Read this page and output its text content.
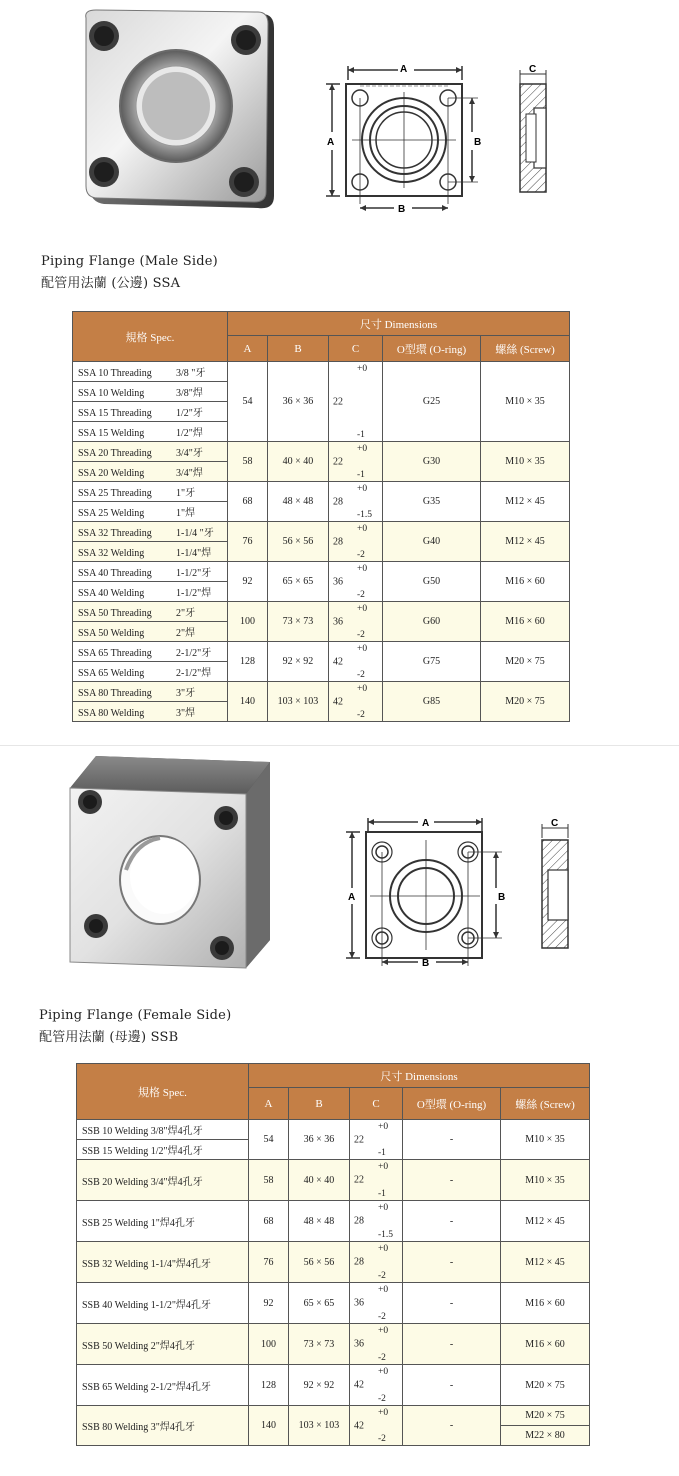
A
A	B
B
C
Piping Flange (Male Side)
配管用法蘭 (公邊) SSA
規格 Spec.	尺寸 Dimensions				
	A	B	C	O型環 (O-ring)	螺絲 (Screw)
SSA 10 Threading 3/8 "牙	54	36 × 36	22
+0
-1	G25	M10 × 35
SSA 10 Welding 3/8"焊					
SSA 15 Threading 1/2"牙					
SSA 15 Welding 1/2"焊					
SSA 20 Threading 3/4"牙	58	40 × 40	22
+0
-1	G30	M10 × 35
SSA 20 Welding 3/4"焊					
SSA 25 Threading 1"牙	68	48 × 48	28
+0
-1.5	G35	M12 × 45
SSA 25 Welding 1"焊					
SSA 32 Threading 1-1/4 "牙	76	56 × 56	28
+0
-2	G40	M12 × 45
SSA 32 Welding 1-1/4"焊					
SSA 40 Threading 1-1/2"牙	92	65 × 65	36
+0
-2	G50	M16 × 60
SSA 40 Welding 1-1/2"焊					
SSA 50 Threading 2"牙	100	73 × 73	36
+0
-2	G60	M16 × 60
SSA 50 Welding 2"焊					
SSA 65 Threading 2-1/2"牙	128	92 × 92	42
+0
-2	G75	M20 × 75
SSA 65 Welding 2-1/2"焊					
SSA 80 Threading 3"牙	140	103 × 103	42
+0
-2	G85	M20 × 75
SSA 80 Welding 3"焊					
A
A	B
B
C
Piping Flange (Female Side)
配管用法蘭 (母邊) SSB
規格 Spec.	尺寸 Dimensions				
	A	B	C	O型環 (O-ring)	螺絲 (Screw)
SSB 10 Welding 3/8"焊4孔牙	54	36 × 36	22
+0
-1	-	M10 × 35
SSB 15 Welding 1/2"焊4孔牙					
SSB 20 Welding 3/4"焊4孔牙	58	40 × 40	22
+0
-1	-	M10 × 35
SSB 25 Welding 1"焊4孔牙	68	48 × 48	28
+0
-1.5	-	M12 × 45
SSB 32 Welding 1-1/4"焊4孔牙	76	56 × 56	28
+0
-2	-	M12 × 45
SSB 40 Welding 1-1/2"焊4孔牙	92	65 × 65	36
+0
-2	-	M16 × 60
SSB 50 Welding 2"焊4孔牙	100	73 × 73	36
+0
-2	-	M16 × 60
SSB 65 Welding 2-1/2"焊4孔牙	128	92 × 92	42
+0
-2	-	M20 × 75
SSB 80 Welding 3"焊4孔牙	140	103 × 103	42
+0
-2	-	M20 × 75
					M22 × 80
